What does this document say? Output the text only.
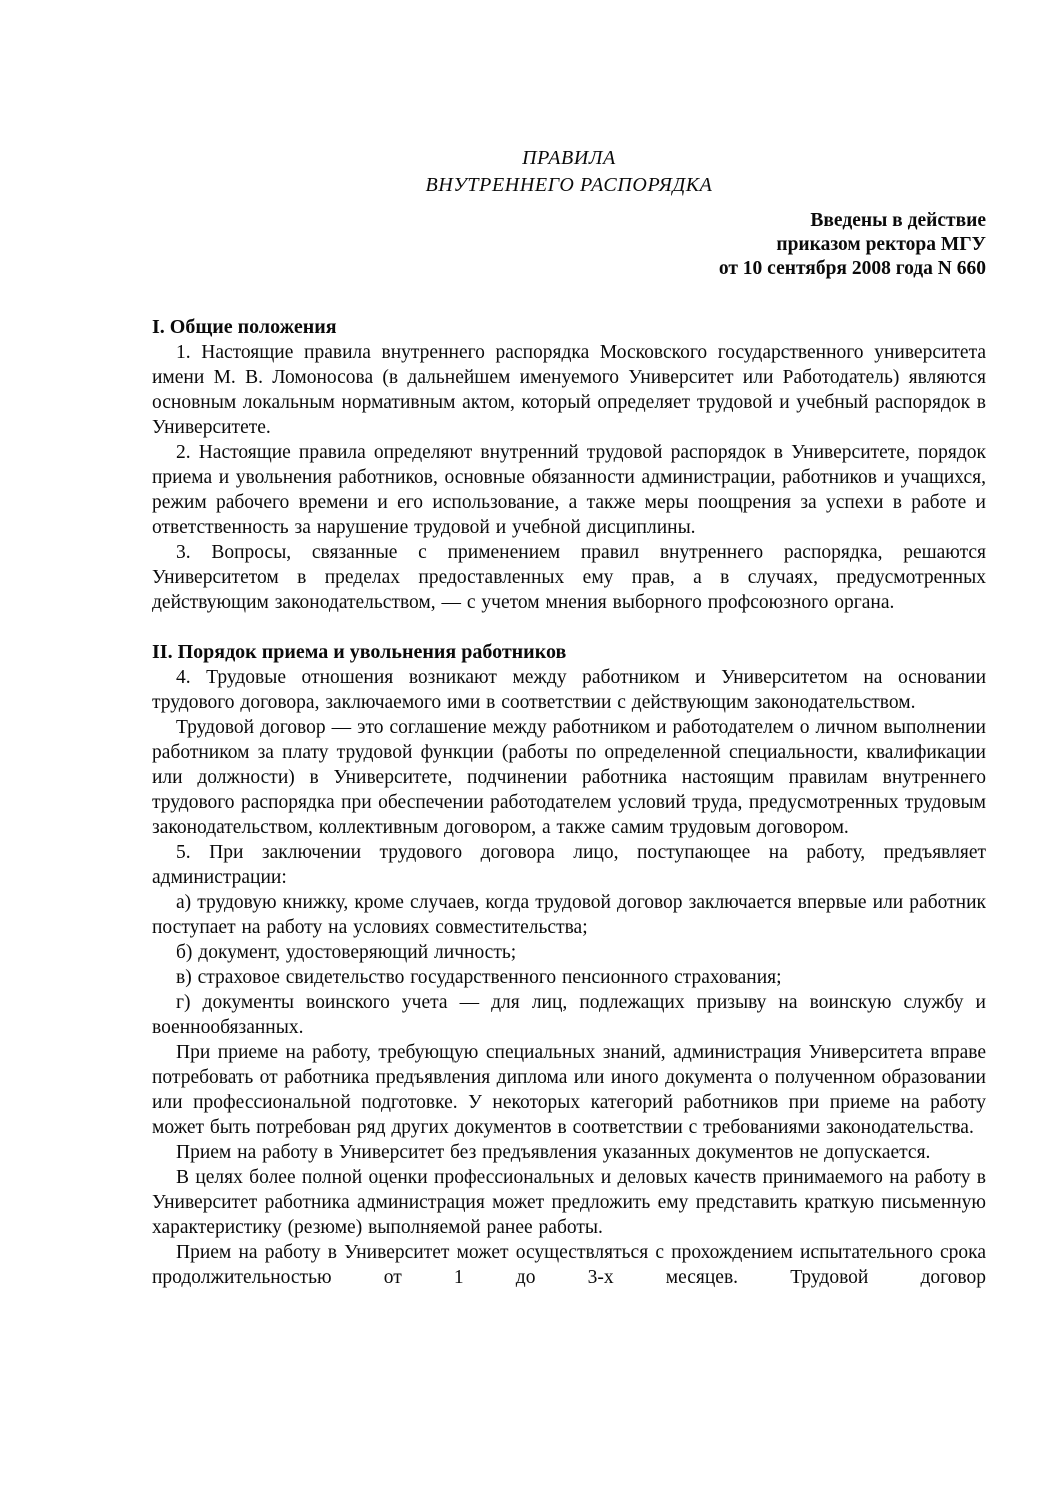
ПРАВИЛА
ВНУТРЕННЕГО РАСПОРЯДКА
Введены в действие
приказом ректора МГУ
от 10 сентября 2008 года N 660
I. Общие положения

1. Настоящие правила внутреннего распорядка Московского государственного университета имени М. В. Ломоносова (в дальнейшем именуемого Университет или Работодатель) являются основным локальным нормативным актом, который определяет трудовой и учебный распорядок в Университете.

2. Настоящие правила определяют внутренний трудовой распорядок в Университете, порядок приема и увольнения работников, основные обязанности администрации, работников и учащихся, режим рабочего времени и его использование, а также меры поощрения за успехи в работе и ответственность за нарушение трудовой и учебной дисциплины.

3. Вопросы, связанные с применением правил внутреннего распорядка, решаются Университетом в пределах предоставленных ему прав, а в случаях, предусмотренных действующим законодательством, — с учетом мнения выборного профсоюзного органа.

II. Порядок приема и увольнения работников

4. Трудовые отношения возникают между работником и Университетом на основании трудового договора, заключаемого ими в соответствии с действующим законодательством.

Трудовой договор — это соглашение между работником и работодателем о личном выполнении работником за плату трудовой функции (работы по определенной специальности, квалификации или должности) в Университете, подчинении работника настоящим правилам внутреннего трудового распорядка при обеспечении работодателем условий труда, предусмотренных трудовым законодательством, коллективным договором, а также самим трудовым договором.

5. При заключении трудового договора лицо, поступающее на работу, предъявляет администрации:

а) трудовую книжку, кроме случаев, когда трудовой договор заключается впервые или работник поступает на работу на условиях совместительства;

б) документ, удостоверяющий личность;

в) страховое свидетельство государственного пенсионного страхования;

г) документы воинского учета — для лиц, подлежащих призыву на воинскую службу и военнообязанных.

При приеме на работу, требующую специальных знаний, администрация Университета вправе потребовать от работника предъявления диплома или иного документа о полученном образовании или профессиональной подготовке. У некоторых категорий работников при приеме на работу может быть потребован ряд других документов в соответствии с требованиями законодательства.

Прием на работу в Университет без предъявления указанных документов не допускается.

В целях более полной оценки профессиональных и деловых качеств принимаемого на работу в Университет работника администрация может предложить ему представить краткую письменную характеристику (резюме) выполняемой ранее работы.

Прием на работу в Университет может осуществляться с прохождением испытательного срока продолжительностью от 1 до 3-х месяцев. Трудовой договор
